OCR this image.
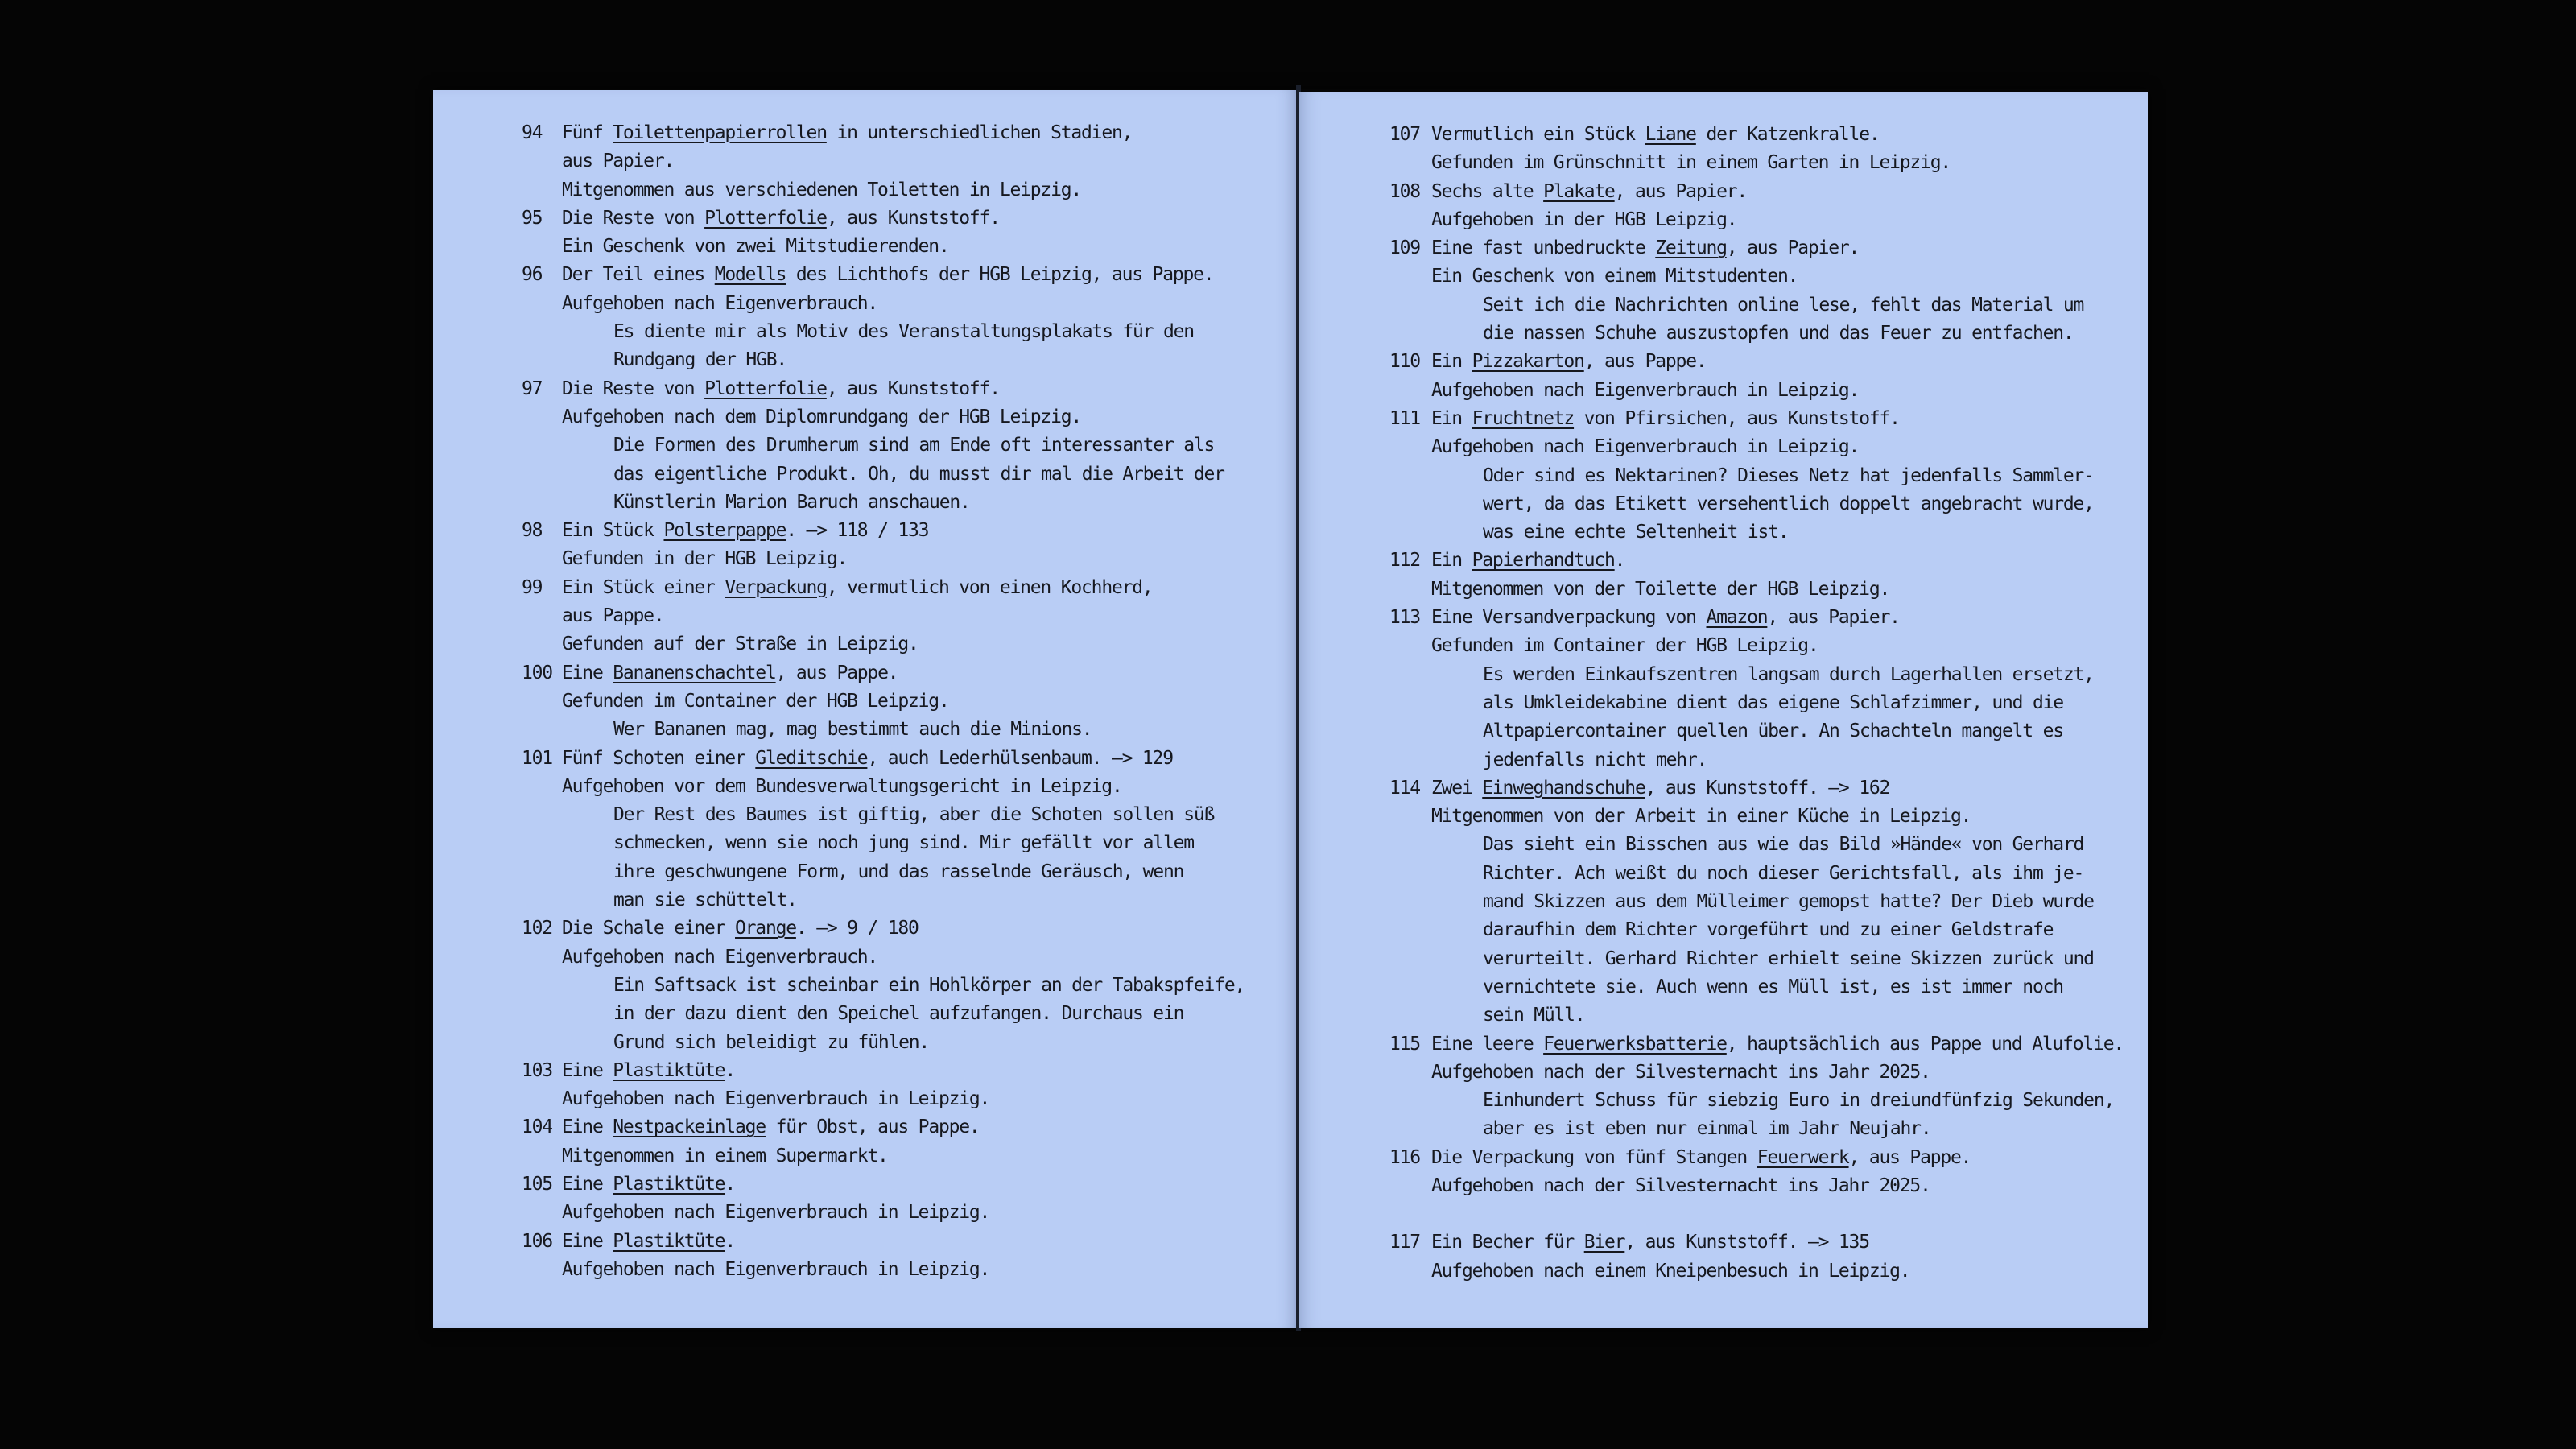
94	Fünf Toilettenpapierrollen in unterschiedlichen Stadien,
aus Papier.
Mitgenommen aus verschiedenen Toiletten in Leipzig.
95	Die Reste von Plotterfolie, aus Kunststoff.
Ein Geschenk von zwei Mitstudierenden.
96	Der Teil eines Modells des Lichthofs der HGB Leipzig, aus Pappe.
Aufgehoben nach Eigenverbrauch.
Es diente mir als Motiv des Veranstaltungsplakats für den
Rundgang der HGB.
97	Die Reste von Plotterfolie, aus Kunststoff.
Aufgehoben nach dem Diplomrundgang der HGB Leipzig.
Die Formen des Drumherum sind am Ende oft interessanter als
das eigentliche Produkt. Oh, du musst dir mal die Arbeit der
Künstlerin Marion Baruch anschauen.
98	Ein Stück Polsterpappe. —> 118 / 133
Gefunden in der HGB Leipzig.
99	Ein Stück einer Verpackung, vermutlich von einen Kochherd,
aus Pappe.
Gefunden auf der Straße in Leipzig.
100 Eine Bananenschachtel, aus Pappe.
Gefunden im Container der HGB Leipzig.
Wer Bananen mag, mag bestimmt auch die Minions.
101 Fünf Schoten einer Gleditschie, auch Lederhülsenbaum. —> 129
Aufgehoben vor dem Bundesverwaltungsgericht in Leipzig.
Der Rest des Baumes ist giftig, aber die Schoten sollen süß
schmecken, wenn sie noch jung sind. Mir gefällt vor allem
ihre geschwungene Form, und das rasselnde Geräusch, wenn
man sie schüttelt.
102 Die Schale einer Orange. —> 9 / 180
Aufgehoben nach Eigenverbrauch.
Ein Saftsack ist scheinbar ein Hohlkörper an der Tabakspfeife,
in der dazu dient den Speichel aufzufangen. Durchaus ein
Grund sich beleidigt zu fühlen.
103 Eine Plastiktüte.
Aufgehoben nach Eigenverbrauch in Leipzig.
104 Eine Nestpackeinlage für Obst, aus Pappe.
Mitgenommen in einem Supermarkt.
105 Eine Plastiktüte.
Aufgehoben nach Eigenverbrauch in Leipzig.
106 Eine Plastiktüte.
Aufgehoben nach Eigenverbrauch in Leipzig.
107 Vermutlich ein Stück Liane der Katzenkralle.
Gefunden im Grünschnitt in einem Garten in Leipzig.
108 Sechs alte Plakate, aus Papier.
Aufgehoben in der HGB Leipzig.
109 Eine fast unbedruckte Zeitung, aus Papier.
Ein Geschenk von einem Mitstudenten.
Seit ich die Nachrichten online lese, fehlt das Material um
die nassen Schuhe auszustopfen und das Feuer zu entfachen.
110 Ein Pizzakarton, aus Pappe.
Aufgehoben nach Eigenverbrauch in Leipzig.
111 Ein Fruchtnetz von Pfirsichen, aus Kunststoff.
Aufgehoben nach Eigenverbrauch in Leipzig.
Oder sind es Nektarinen? Dieses Netz hat jedenfalls Sammler-
wert, da das Etikett versehentlich doppelt angebracht wurde,
was eine echte Seltenheit ist.
112 Ein Papierhandtuch.
Mitgenommen von der Toilette der HGB Leipzig.
113 Eine Versandverpackung von Amazon, aus Papier.
Gefunden im Container der HGB Leipzig.
Es werden Einkaufszentren langsam durch Lagerhallen ersetzt,
als Umkleidekabine dient das eigene Schlafzimmer, und die
Altpapiercontainer quellen über. An Schachteln mangelt es
jedenfalls nicht mehr.
114 Zwei Einweghandschuhe, aus Kunststoff. —> 162
Mitgenommen von der Arbeit in einer Küche in Leipzig.
Das sieht ein Bisschen aus wie das Bild »Hände« von Gerhard
Richter. Ach weißt du noch dieser Gerichtsfall, als ihm je-
mand Skizzen aus dem Mülleimer gemopst hatte? Der Dieb wurde
daraufhin dem Richter vorgeführt und zu einer Geldstrafe
verurteilt. Gerhard Richter erhielt seine Skizzen zurück und
vernichtete sie. Auch wenn es Müll ist, es ist immer noch
sein Müll.
115 Eine leere Feuerwerksbatterie, hauptsächlich aus Pappe und Alufolie.
Aufgehoben nach der Silvesternacht ins Jahr 2025.
Einhundert Schuss für siebzig Euro in dreiundfünfzig Sekunden,
aber es ist eben nur einmal im Jahr Neujahr.
116 Die Verpackung von fünf Stangen Feuerwerk, aus Pappe.
Aufgehoben nach der Silvesternacht ins Jahr 2025.
117 Ein Becher für Bier, aus Kunststoff. —> 135
Aufgehoben nach einem Kneipenbesuch in Leipzig.
